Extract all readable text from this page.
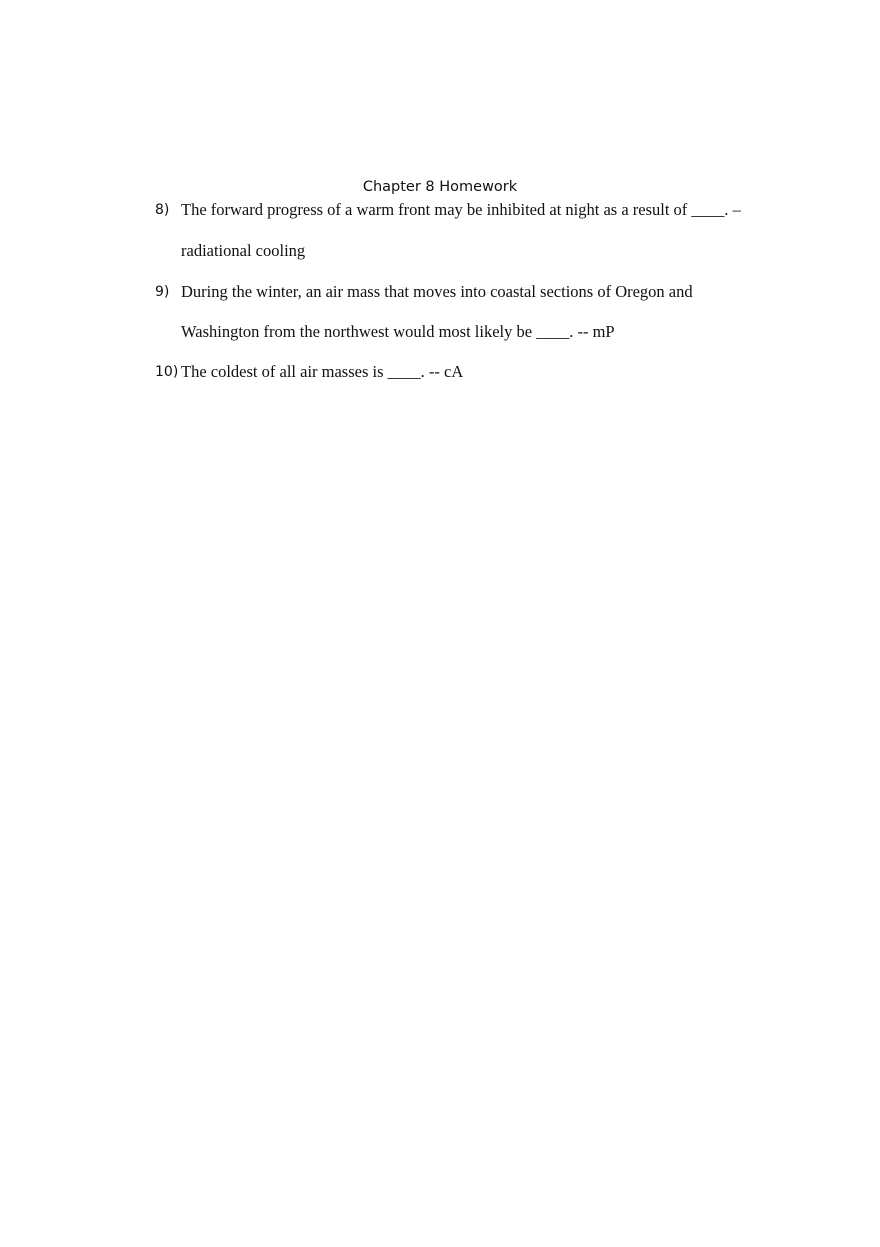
Chapter 8 Homework
8) The forward progress of a warm front may be inhibited at night as a result of ____. –
radiational cooling
9) During the winter, an air mass that moves into coastal sections of Oregon and
Washington from the northwest would most likely be ____. -- mP
10) The coldest of all air masses is ____. -- cA
